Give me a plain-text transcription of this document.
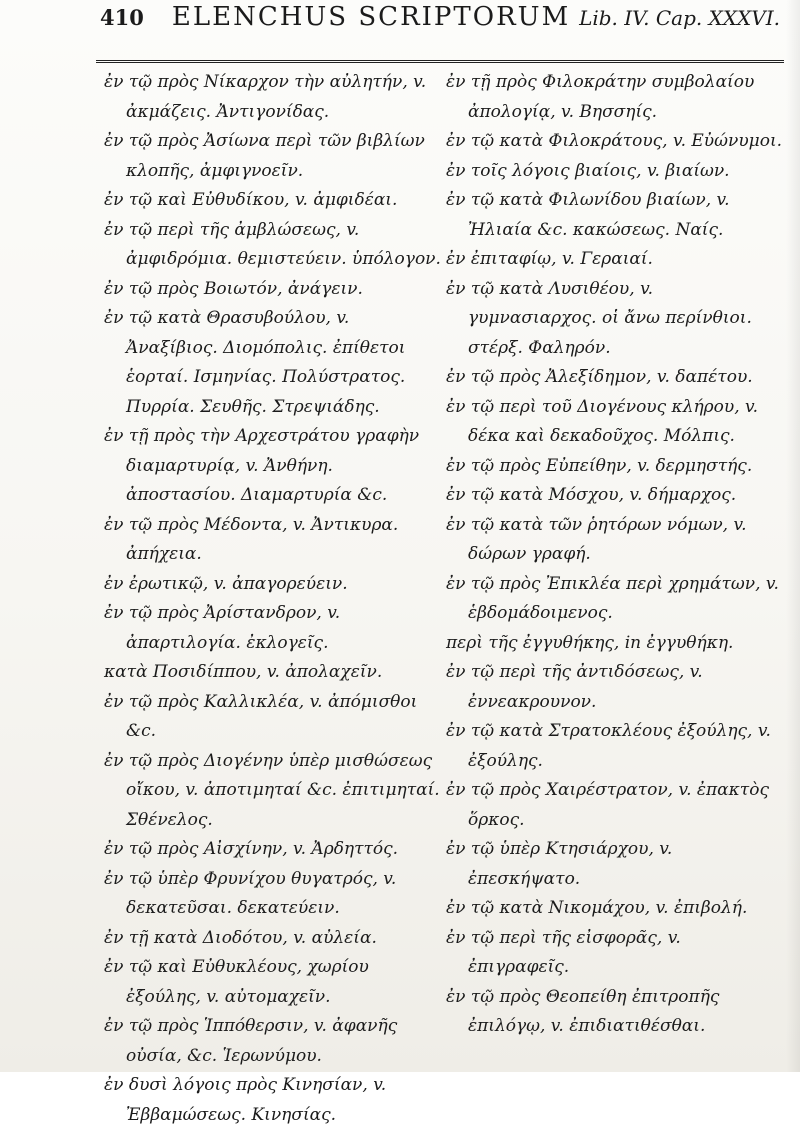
410 ELENCHUS SCRIPTORUM Lib. IV. Cap. XXXVI.

ἐν τῷ πρὸς Νίκαρχον τὴν αὐλητήν, v. ἀκμάζεις. Ἀντιγονίδας.

ἐν τῷ πρὸς Ἀσίωνα περὶ τῶν βιβλίων κλοπῆς, ἀμφιγνοεῖν.

ἐν τῷ καὶ Εὐθυδίκου, v. ἀμφιδέαι.

ἐν τῷ περὶ τῆς ἀμβλώσεως, v. ἀμφιδρόμια. θεμιστεύειν. ὑπόλογον.

ἐν τῷ πρὸς Βοιωτόν, ἀνάγειν.

ἐν τῷ κατὰ Θρασυβούλου, v. Ἀναξίβιος. Διομόπολις. ἐπίθετοι ἑορταί. Ισμηνίας. Πολύστρατος. Πυρρία. Σευθῆς. Στρεψιάδης.

ἐν τῇ πρὸς τὴν Αρχεστράτου γραφὴν διαμαρτυρίᾳ, v. Ἀνθήνη. ἀποστασίου. Διαμαρτυρία &c.

ἐν τῷ πρὸς Μέδοντα, v. Ἀντικυρα. ἀπήχεια.

ἐν ἐρωτικῷ, v. ἀπαγορεύειν.

ἐν τῷ πρὸς Ἀρίστανδρον, v. ἀπαρτιλογία. ἐκλογεῖς.

κατὰ Ποσιδίππου, v. ἀπολαχεῖν.

ἐν τῷ πρὸς Καλλικλέα, v. ἀπόμισθοι &c.

ἐν τῷ πρὸς Διογένην ὑπὲρ μισθώσεως οἴκου, v. ἀποτιμηταί &c. ἐπιτιμηταί. Σθένελος.

ἐν τῷ πρὸς Αἰσχίνην, v. Ἀρδηττός.

ἐν τῷ ὑπὲρ Φρυνίχου θυγατρός, v. δεκατεῦσαι. δεκατεύειν.

ἐν τῇ κατὰ Διοδότου, v. αὐλεία.

ἐν τῷ καὶ Εὐθυκλέους, χωρίου ἐξούλης, v. αὐτομαχεῖν.

ἐν τῷ πρὸς Ἱππόθερσιν, v. ἀφανῆς οὐσία, &c. Ἱερωνύμου.

ἐν δυσὶ λόγοις πρὸς Κινησίαν, v. Ἐββαμώσεως. Κινησίας.

ἐν τῇ πρὸς Φιλοκράτην συμβολαίου ἀπολογίᾳ, v. Βησσηίς.

ἐν τῷ κατὰ Φιλοκράτους, v. Εὐώνυμοι.

ἐν τοῖς λόγοις βιαίοις, v. βιαίων.

ἐν τῷ κατὰ Φιλωνίδου βιαίων, v. Ἠλιαία &c. κακώσεως. Ναίς.

ἐν ἐπιταφίῳ, v. Γεραιαί.

ἐν τῷ κατὰ Λυσιθέου, v. γυμνασιαρχος. οἱ ἄνω περίνθιοι. στέρξ. Φαληρόν.

ἐν τῷ πρὸς Ἀλεξίδημον, v. δαπέτου.

ἐν τῷ περὶ τοῦ Διογένους κλήρου, v. δέκα καὶ δεκαδοῦχος. Μόλπις.

ἐν τῷ πρὸς Εὐπείθην, v. δερμηστής.

ἐν τῷ κατὰ Μόσχου, v. δήμαρχος.

ἐν τῷ κατὰ τῶν ῥητόρων νόμων, v. δώρων γραφή.

ἐν τῷ πρὸς Ἐπικλέα περὶ χρημάτων, v. ἑβδομάδοιμενος.

περὶ τῆς ἐγγυθήκης, in ἐγγυθήκη.

ἐν τῷ περὶ τῆς ἀντιδόσεως, v. ἐννεακρουνον.

ἐν τῷ κατὰ Στρατοκλέους ἐξούλης, v. ἐξούλης.

ἐν τῷ πρὸς Χαιρέστρατον, v. ἐπακτὸς ὅρκος.

ἐν τῷ ὑπὲρ Κτησιάρχου, v. ἐπεσκήψατο.

ἐν τῷ κατὰ Νικομάχου, v. ἐπιβολή.

ἐν τῷ περὶ τῆς εἰσφορᾶς, v. ἐπιγραφεῖς.

ἐν τῷ πρὸς Θεοπείθη ἐπιτροπῆς ἐπιλόγῳ, v. ἐπιδιατιθέσθαι.
